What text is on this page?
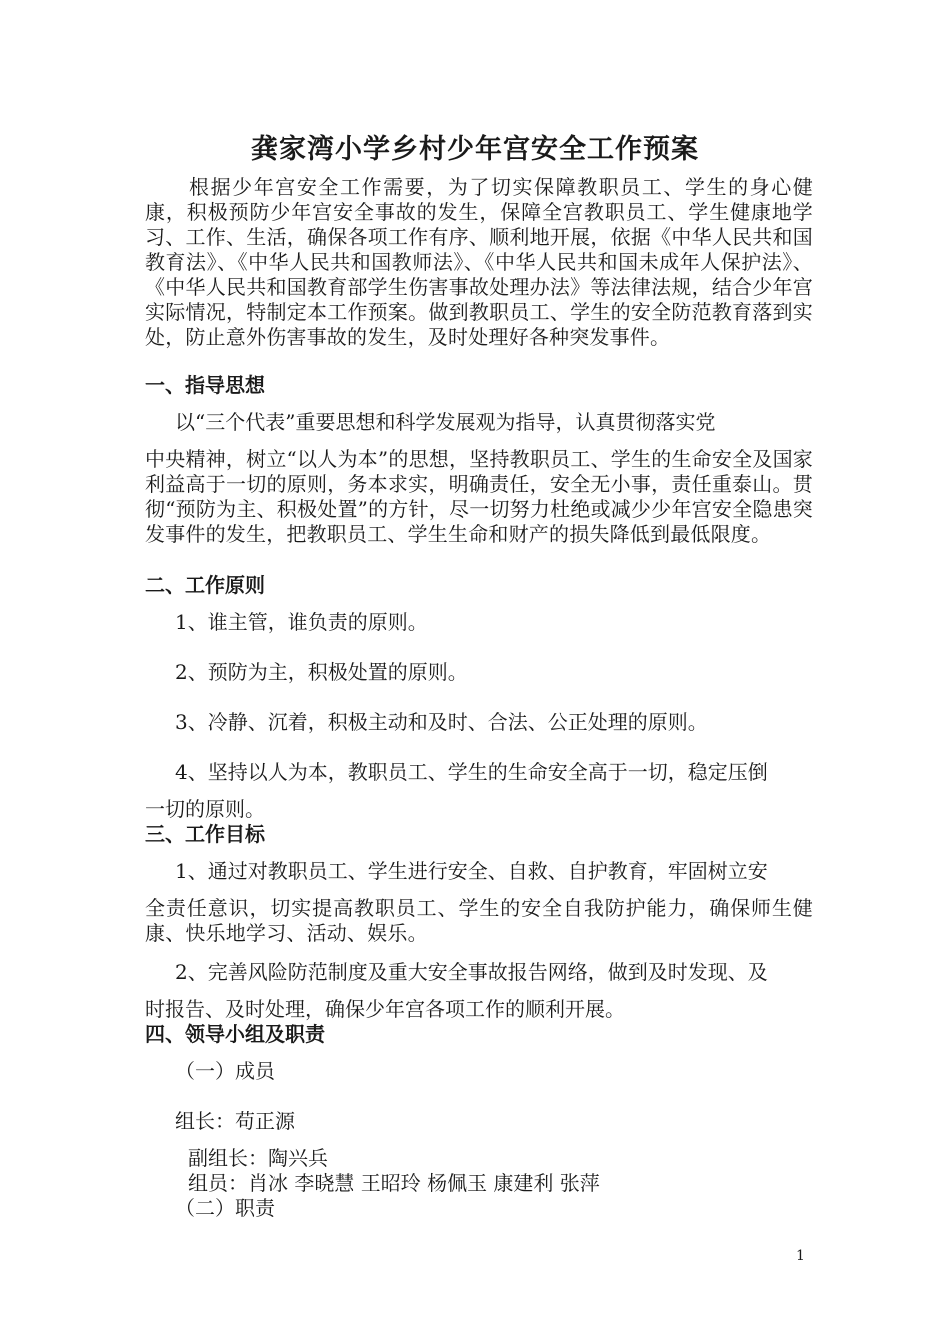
龚家湾小学乡村少年宫安全工作预案

根据少年宫安全工作需要，为了切实保障教职员工、学生的身心健康，积极预防少年宫安全事故的发生，保障全宫教职员工、学生健康地学习、工作、生活，确保各项工作有序、顺利地开展，依据《中华人民共和国教育法》、《中华人民共和国教师法》、《中华人民共和国未成年人保护法》、《中华人民共和国教育部学生伤害事故处理办法》等法律法规，结合少年宫实际情况，特制定本工作预案。做到教职员工、学生的安全防范教育落到实处，防止意外伤害事故的发生，及时处理好各种突发事件。

一、指导思想

以“三个代表”重要思想和科学发展观为指导，认真贯彻落实党

中央精神，树立“以人为本”的思想，坚持教职员工、学生的生命安全及国家利益高于一切的原则，务本求实，明确责任，安全无小事，责任重泰山。贯彻“预防为主、积极处置”的方针，尽一切努力杜绝或减少少年宫安全隐患突发事件的发生，把教职员工、学生生命和财产的损失降低到最低限度。

二、工作原则

1、谁主管，谁负责的原则。

2、预防为主，积极处置的原则。

3、冷静、沉着，积极主动和及时、合法、公正处理的原则。

4、坚持以人为本，教职员工、学生的生命安全高于一切，稳定压倒

一切的原则。

三、工作目标

1、通过对教职员工、学生进行安全、自救、自护教育，牢固树立安

全责任意识，切实提高教职员工、学生的安全自我防护能力，确保师生健康、快乐地学习、活动、娱乐。

2、完善风险防范制度及重大安全事故报告网络，做到及时发现、及

时报告、及时处理，确保少年宫各项工作的顺利开展。

四、领导小组及职责

（一）成员

组长：苟正源

副组长：陶兴兵

组员：肖冰 李晓慧 王昭玲 杨佩玉 康建利 张萍

（二）职责

1
